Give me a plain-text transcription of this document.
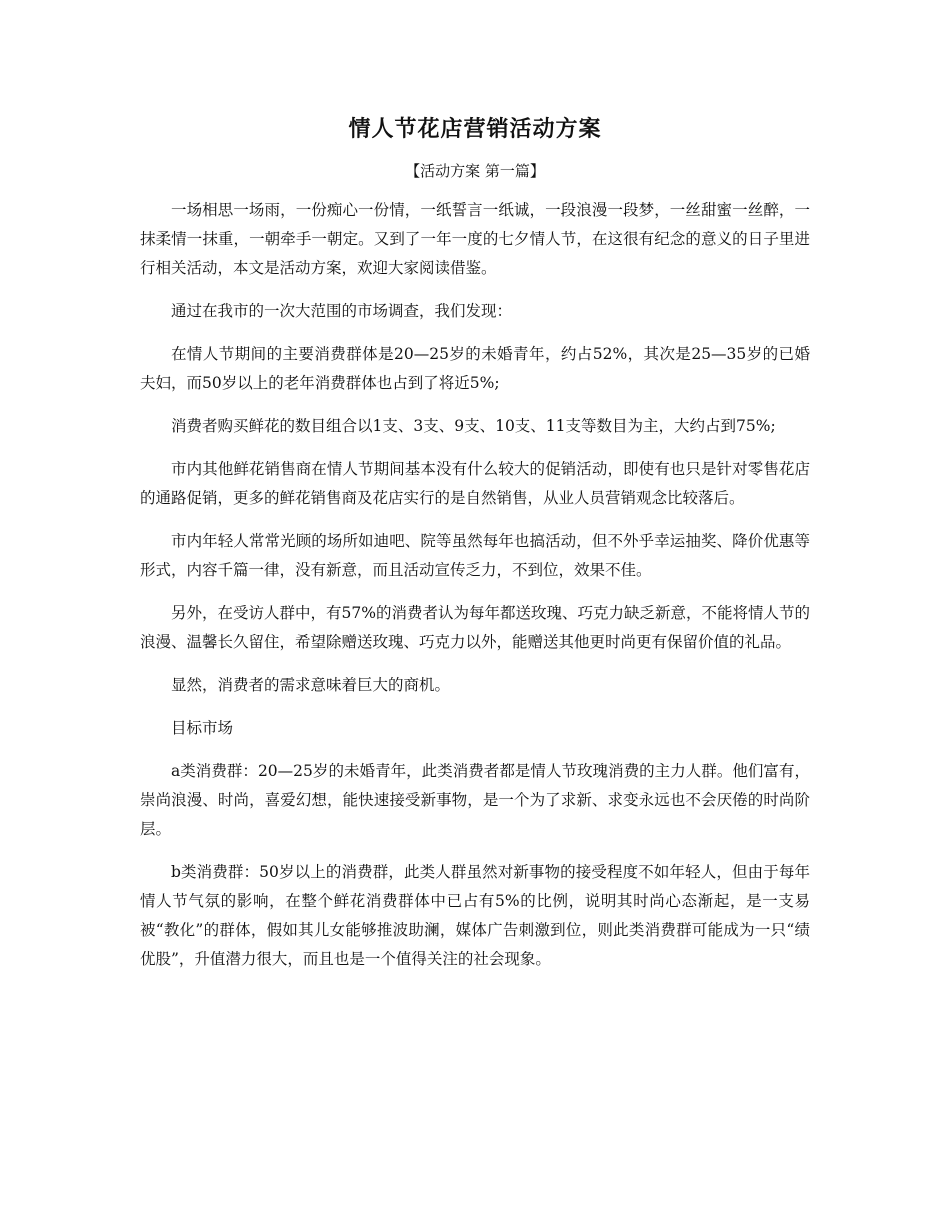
情人节花店营销活动方案
【活动方案 第一篇】

一场相思一场雨，一份痴心一份情，一纸誓言一纸诚，一段浪漫一段梦，一丝甜蜜一丝醉，一抹柔情一抹重，一朝牵手一朝定。又到了一年一度的七夕情人节，在这很有纪念的意义的日子里进行相关活动，本文是活动方案，欢迎大家阅读借鉴。

通过在我市的一次大范围的市场调查，我们发现：

在情人节期间的主要消费群体是20—25岁的未婚青年，约占52%，其次是25—35岁的已婚夫妇，而50岁以上的老年消费群体也占到了将近5%;

消费者购买鲜花的数目组合以1支、3支、9支、10支、11支等数目为主，大约占到75%;

市内其他鲜花销售商在情人节期间基本没有什么较大的促销活动，即使有也只是针对零售花店的通路促销，更多的鲜花销售商及花店实行的是自然销售，从业人员营销观念比较落后。

市内年轻人常常光顾的场所如迪吧、院等虽然每年也搞活动，但不外乎幸运抽奖、降价优惠等形式，内容千篇一律，没有新意，而且活动宣传乏力，不到位，效果不佳。

另外，在受访人群中，有57%的消费者认为每年都送玫瑰、巧克力缺乏新意，不能将情人节的浪漫、温馨长久留住，希望除赠送玫瑰、巧克力以外，能赠送其他更时尚更有保留价值的礼品。

显然，消费者的需求意味着巨大的商机。

目标市场

a类消费群：20—25岁的未婚青年，此类消费者都是情人节玫瑰消费的主力人群。他们富有，崇尚浪漫、时尚，喜爱幻想，能快速接受新事物，是一个为了求新、求变永远也不会厌倦的时尚阶层。

b类消费群：50岁以上的消费群，此类人群虽然对新事物的接受程度不如年轻人，但由于每年情人节气氛的影响，在整个鲜花消费群体中已占有5%的比例，说明其时尚心态渐起，是一支易被“教化”的群体，假如其儿女能够推波助澜，媒体广告刺激到位，则此类消费群可能成为一只“绩优股”，升值潜力很大，而且也是一个值得关注的社会现象。
